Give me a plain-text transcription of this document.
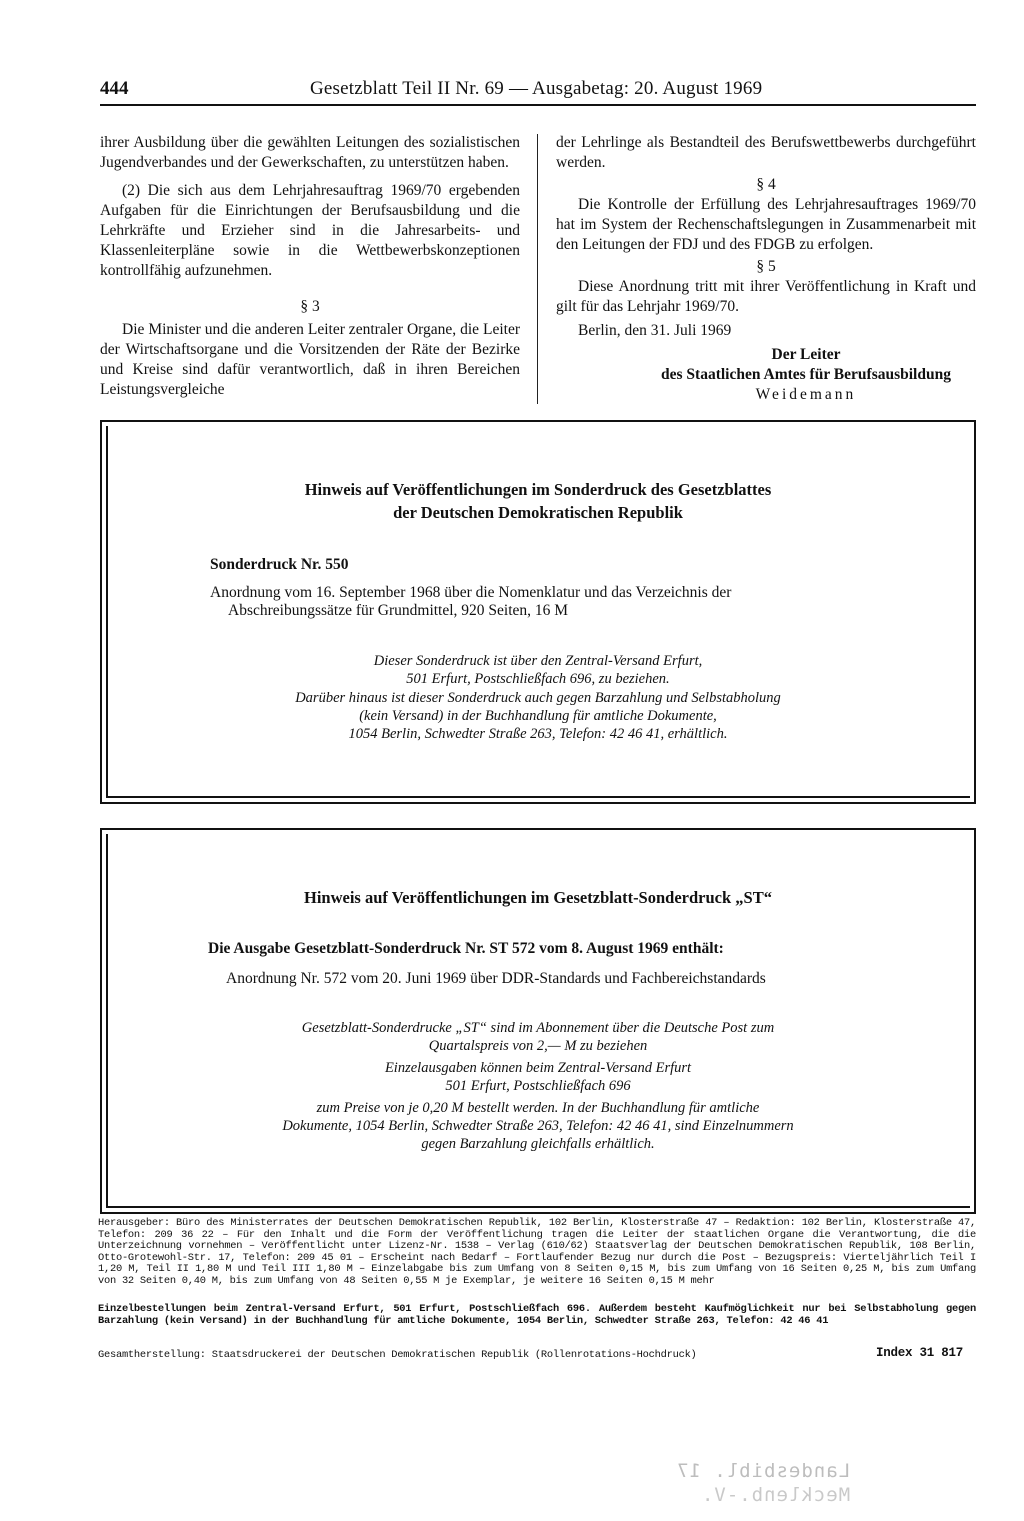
444	Gesetzblatt Teil II Nr. 69 — Ausgabetag: 20. August 1969

ihrer Ausbildung über die gewählten Leitungen des sozialistischen Jugendverbandes und der Gewerkschaften, zu unterstützen haben.

(2) Die sich aus dem Lehrjahresauftrag 1969/70 ergebenden Aufgaben für die Einrichtungen der Berufsausbildung und die Lehrkräfte und Erzieher sind in die Jahresarbeits- und Klassenleiterpläne sowie in die Wettbewerbskonzeptionen kontrollfähig aufzunehmen.

§ 3

Die Minister und die anderen Leiter zentraler Organe, die Leiter der Wirtschaftsorgane und die Vorsitzenden der Räte der Bezirke und Kreise sind dafür verantwortlich, daß in ihren Bereichen Leistungsvergleiche

der Lehrlinge als Bestandteil des Berufswettbewerbs durchgeführt werden.

§ 4

Die Kontrolle der Erfüllung des Lehrjahresauftrages 1969/70 hat im System der Rechenschaftslegungen in Zusammenarbeit mit den Leitungen der FDJ und des FDGB zu erfolgen.

§ 5

Diese Anordnung tritt mit ihrer Veröffentlichung in Kraft und gilt für das Lehrjahr 1969/70.

Berlin, den 31. Juli 1969

Der Leiter

des Staatlichen Amtes für Berufsausbildung

Weidemann

Hinweis auf Veröffentlichungen im Sonderdruck des Gesetzblattes
der Deutschen Demokratischen Republik
Sonderdruck Nr. 550
Anordnung vom 16. September 1968 über die Nomenklatur und das Verzeichnis der
Abschreibungssätze für Grundmittel, 920 Seiten, 16 M
Dieser Sonderdruck ist über den Zentral-Versand Erfurt,
501 Erfurt, Postschließfach 696, zu beziehen.
Darüber hinaus ist dieser Sonderdruck auch gegen Barzahlung und Selbstabholung
(kein Versand) in der Buchhandlung für amtliche Dokumente,
1054 Berlin, Schwedter Straße 263, Telefon: 42 46 41, erhältlich.
Hinweis auf Veröffentlichungen im Gesetzblatt-Sonderdruck „ST“
Die Ausgabe Gesetzblatt-Sonderdruck Nr. ST 572 vom 8. August 1969 enthält:
Anordnung Nr. 572 vom 20. Juni 1969 über DDR-Standards und Fachbereichstandards
Gesetzblatt-Sonderdrucke „ST“ sind im Abonnement über die Deutsche Post zum
Quartalspreis von 2,— M zu beziehen
Einzelausgaben können beim Zentral-Versand Erfurt
501 Erfurt, Postschließfach 696
zum Preise von je 0,20 M bestellt werden. In der Buchhandlung für amtliche
Dokumente, 1054 Berlin, Schwedter Straße 263, Telefon: 42 46 41, sind Einzelnummern
gegen Barzahlung gleichfalls erhältlich.
Herausgeber: Büro des Ministerrates der Deutschen Demokratischen Republik, 102 Berlin, Klosterstraße 47 – Redaktion: 102 Berlin, Klosterstraße 47, Telefon: 209 36 22 – Für den Inhalt und die Form der Veröffentlichung tragen die Leiter der staatlichen Organe die Verantwortung, die die Unterzeichnung vornehmen – Veröffentlicht unter Lizenz-Nr. 1538 – Verlag (610/62) Staatsverlag der Deutschen Demokratischen Republik, 108 Berlin, Otto-Grotewohl-Str. 17, Telefon: 209 45 01 – Erscheint nach Bedarf – Fortlaufender Bezug nur durch die Post – Bezugspreis: Vierteljährlich Teil I 1,20 M, Teil II 1,80 M und Teil III 1,80 M – Einzelabgabe bis zum Umfang von 8 Seiten 0,15 M, bis zum Umfang von 16 Seiten 0,25 M, bis zum Umfang von 32 Seiten 0,40 M, bis zum Umfang von 48 Seiten 0,55 M je Exemplar, je weitere 16 Seiten 0,15 M mehr
Einzelbestellungen beim Zentral-Versand Erfurt, 501 Erfurt, Postschließfach 696. Außerdem besteht Kaufmöglichkeit nur bei Selbstabholung gegen Barzahlung (kein Versand) in der Buchhandlung für amtliche Dokumente, 1054 Berlin, Schwedter Straße 263, Telefon: 42 46 41
Gesamtherstellung: Staatsdruckerei der Deutschen Demokratischen Republik (Rollenrotations-Hochdruck)	Index 31 817
Landesbibl. 17
Mecklenb.-V.
